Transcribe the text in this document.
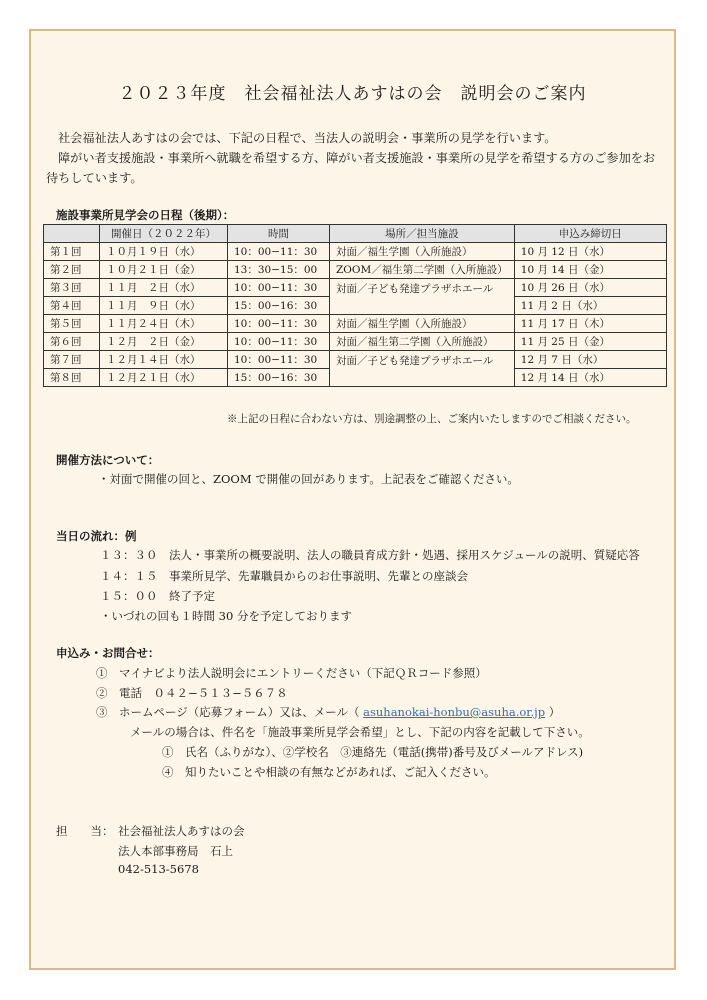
２０２３年度　社会福祉法人あすはの会　説明会のご案内
社会福祉法人あすはの会では、下記の日程で、当法人の説明会・事業所の見学を行います。
障がい者支援施設・事業所へ就職を希望する方、障がい者支援施設・事業所の見学を希望する方のご参加をお
待ちしています。
施設事業所見学会の日程（後期）：
	開催日（２０２２年）	時間	場所／担当施設	申込み締切日
第１回	１０月１９日（水）	10：00−11：30	対面／福生学園（入所施設）	10 月 12 日（水）
第２回	１０月２１日（金）	13：30−15：00	ZOOM／福生第二学園（入所施設）	10 月 14 日（金）
第３回	１１月　２日（水）	10：00−11：30	対面／子ども発達プラザホエール	10 月 26 日（水）
第４回	１１月　９日（水）	15：00−16：30		11 月 2 日（水）
第５回	１１月２４日（木）	10：00−11：30	対面／福生学園（入所施設）	11 月 17 日（木）
第６回	１２月　２日（金）	10：00−11：30	対面／福生第二学園（入所施設）	11 月 25 日（金）
第７回	１２月１４日（水）	10：00−11：30	対面／子ども発達プラザホエール	12 月 7 日（水）
第８回	１２月２１日（水）	15：00−16：30		12 月 14 日（水）
※上記の日程に合わない方は、別途調整の上、ご案内いたしますのでご相談ください。
開催方法について：
・対面で開催の回と、ZOOM で開催の回があります。上記表をご確認ください。
当日の流れ：例
１３：３０　法人・事業所の概要説明、法人の職員育成方針・処遇、採用スケジュールの説明、質疑応答
１４：１５　事業所見学、先輩職員からのお仕事説明、先輩との座談会
１５：００　終了予定
・いづれの回も１時間 30 分を予定しております
申込み・お問合せ：
①　マイナビより法人説明会にエントリーください（下記ＱＲコード参照）
②　電話　０４２−５１３−５６７８
③　ホームページ（応募フォーム）又は、メール（ asuhanokai-honbu@asuha.or.jp ）
メールの場合は、件名を「施設事業所見学会希望」とし、下記の内容を記載して下さい。
①　氏名（ふりがな）、②学校名　③連絡先（電話(携帯)番号及びメールアドレス)
④　知りたいことや相談の有無などがあれば、ご記入ください。
担　　当： 社会福祉法人あすはの会
法人本部事務局　石上
042-513-5678
